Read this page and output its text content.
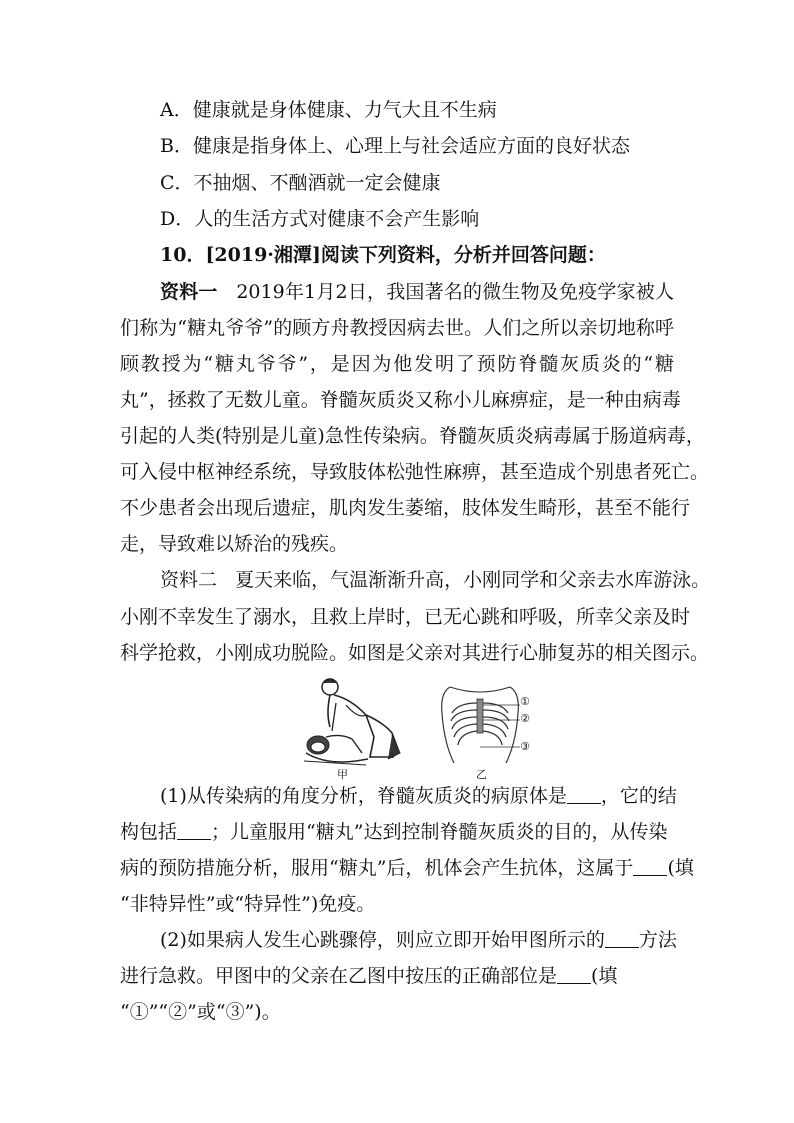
A．健康就是身体健康、力气大且不生病
B．健康是指身体上、心理上与社会适应方面的良好状态
C．不抽烟、不酗酒就一定会健康
D．人的生活方式对健康不会产生影响
10．[2019·湘潭]阅读下列资料，分析并回答问题：
资料一 2019年1月2日，我国著名的微生物及免疫学家被人
们称为“糖丸爷爷”的顾方舟教授因病去世。人们之所以亲切地称呼
顾教授为“糖丸爷爷”，是因为他发明了预防脊髓灰质炎的“糖
丸”，拯救了无数儿童。脊髓灰质炎又称小儿麻痹症，是一种由病毒
引起的人类(特别是儿童)急性传染病。脊髓灰质炎病毒属于肠道病毒，
可入侵中枢神经系统，导致肢体松弛性麻痹，甚至造成个别患者死亡。
不少患者会出现后遗症，肌肉发生萎缩，肢体发生畸形，甚至不能行
走，导致难以矫治的残疾。
资料二 夏天来临，气温渐渐升高，小刚同学和父亲去水库游泳。
小刚不幸发生了溺水，且救上岸时，已无心跳和呼吸，所幸父亲及时
科学抢救，小刚成功脱险。如图是父亲对其进行心肺复苏的相关图示。
甲
①
②
③
乙
(1)从传染病的角度分析，脊髓灰质炎的病原体是 ，它的结
构包括 ；儿童服用“糖丸”达到控制脊髓灰质炎的目的，从传染
病的预防措施分析，服用“糖丸”后，机体会产生抗体，这属于 (填
“非特异性”或“特异性”)免疫。
(2)如果病人发生心跳骤停，则应立即开始甲图所示的 方法
进行急救。甲图中的父亲在乙图中按压的正确部位是 (填
“①”“②”或“③”)。
